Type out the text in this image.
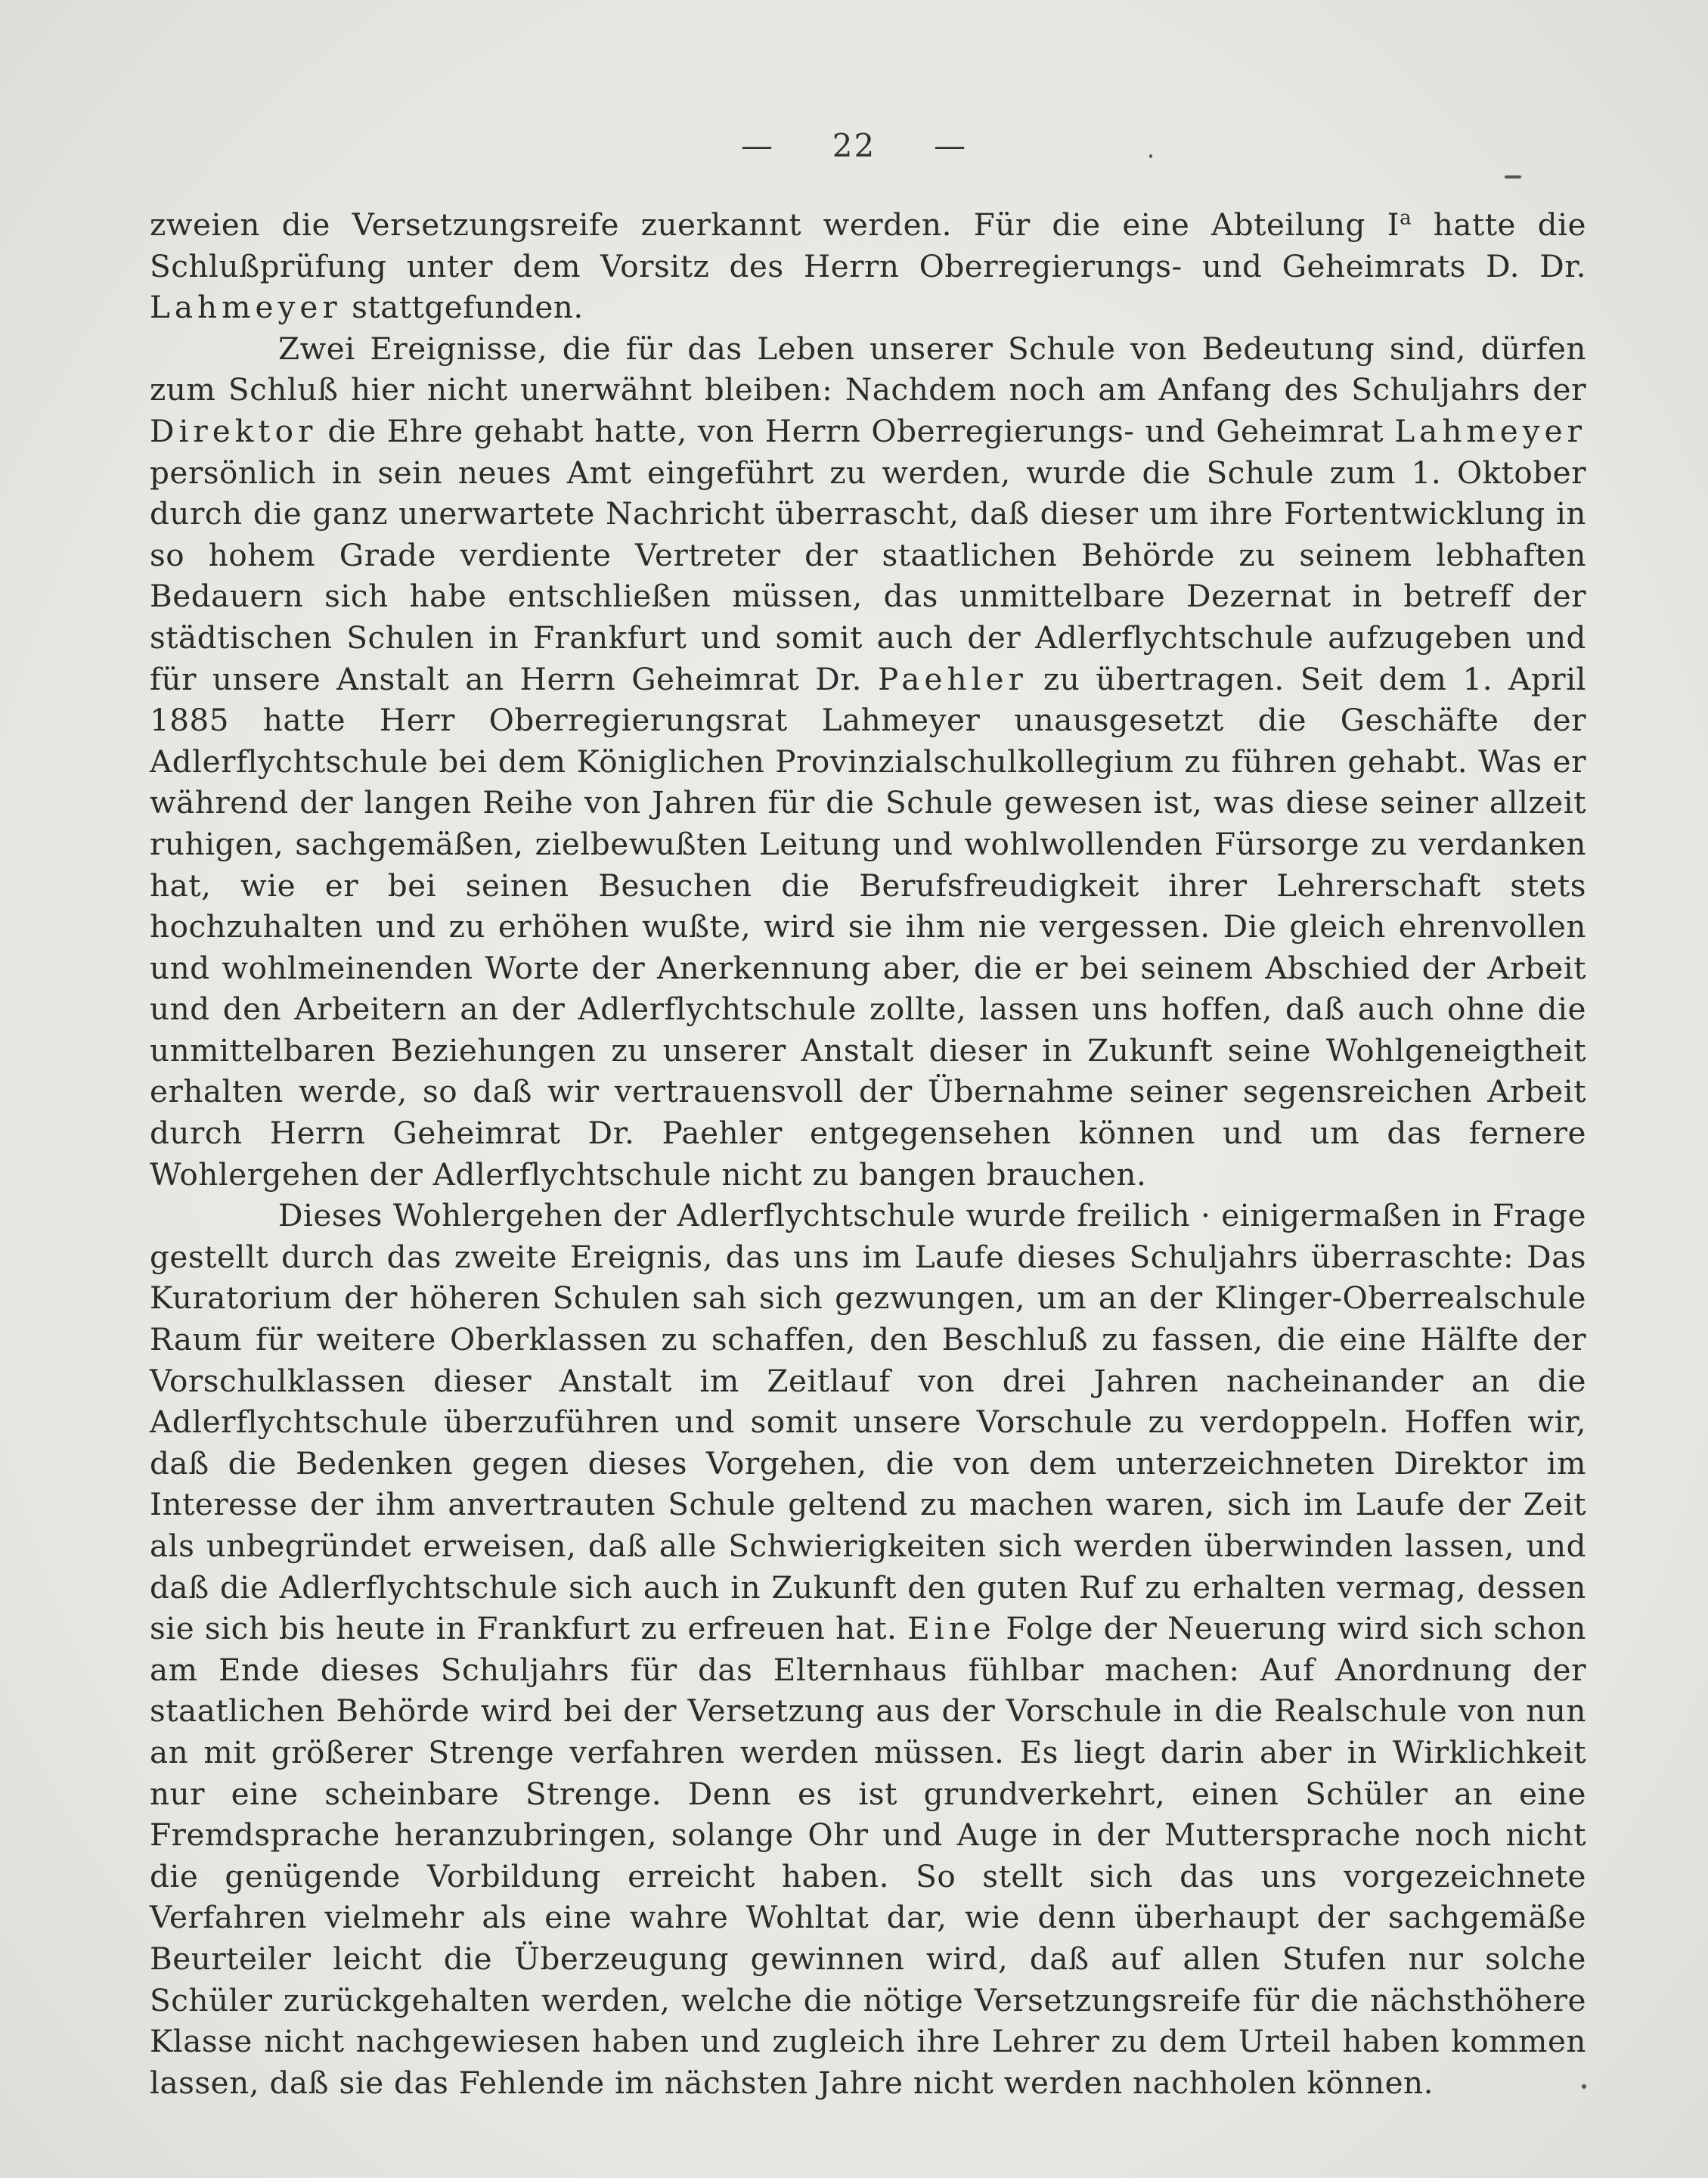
— 22 —

zweien die Versetzungsreife zuerkannt werden. Für die eine Abteilung $I^a$ hatte die Schlußprüfung unter dem Vorsitz des Herrn Oberregierungs- und Geheimrats D. Dr. Lahmeyer stattgefunden.

Zwei Ereignisse, die für das Leben unserer Schule von Bedeutung sind, dürfen zum Schluß hier nicht unerwähnt bleiben: Nachdem noch am Anfang des Schuljahrs der Direktor die Ehre gehabt hatte, von Herrn Oberregierungs- und Geheimrat Lahmeyer persönlich in sein neues Amt eingeführt zu werden, wurde die Schule zum 1. Oktober durch die ganz unerwartete Nachricht überrascht, daß dieser um ihre Fortentwicklung in so hohem Grade verdiente Vertreter der staatlichen Behörde zu seinem lebhaften Bedauern sich habe entschließen müssen, das unmittelbare Dezernat in betreff der städtischen Schulen in Frankfurt und somit auch der Adlerflychtschule aufzugeben und für unsere Anstalt an Herrn Geheimrat Dr. Paehler zu übertragen. Seit dem 1. April 1885 hatte Herr Oberregierungsrat Lahmeyer unausgesetzt die Geschäfte der Adlerflychtschule bei dem Königlichen Provinzialschulkollegium zu führen gehabt. Was er während der langen Reihe von Jahren für die Schule gewesen ist, was diese seiner allzeit ruhigen, sachgemäßen, zielbewußten Leitung und wohlwollenden Fürsorge zu verdanken hat, wie er bei seinen Besuchen die Berufsfreudigkeit ihrer Lehrerschaft stets hochzuhalten und zu erhöhen wußte, wird sie ihm nie vergessen. Die gleich ehrenvollen und wohlmeinenden Worte der Anerkennung aber, die er bei seinem Abschied der Arbeit und den Arbeitern an der Adlerflychtschule zollte, lassen uns hoffen, daß auch ohne die unmittelbaren Beziehungen zu unserer Anstalt dieser in Zukunft seine Wohlgeneigtheit erhalten werde, so daß wir vertrauensvoll der Übernahme seiner segensreichen Arbeit durch Herrn Geheimrat Dr. Paehler entgegensehen können und um das fernere Wohlergehen der Adlerflychtschule nicht zu bangen brauchen.

Dieses Wohlergehen der Adlerflychtschule wurde freilich · einigermaßen in Frage gestellt durch das zweite Ereignis, das uns im Laufe dieses Schuljahrs überraschte: Das Kuratorium der höheren Schulen sah sich gezwungen, um an der Klinger-Oberrealschule Raum für weitere Oberklassen zu schaffen, den Beschluß zu fassen, die eine Hälfte der Vorschulklassen dieser Anstalt im Zeitlauf von drei Jahren nacheinander an die Adlerflychtschule überzuführen und somit unsere Vorschule zu verdoppeln. Hoffen wir, daß die Bedenken gegen dieses Vorgehen, die von dem unterzeichneten Direktor im Interesse der ihm anvertrauten Schule geltend zu machen waren, sich im Laufe der Zeit als unbegründet erweisen, daß alle Schwierigkeiten sich werden überwinden lassen, und daß die Adlerflychtschule sich auch in Zukunft den guten Ruf zu erhalten vermag, dessen sie sich bis heute in Frankfurt zu erfreuen hat. Eine Folge der Neuerung wird sich schon am Ende dieses Schuljahrs für das Elternhaus fühlbar machen: Auf Anordnung der staatlichen Behörde wird bei der Versetzung aus der Vorschule in die Realschule von nun an mit größerer Strenge verfahren werden müssen. Es liegt darin aber in Wirklichkeit nur eine scheinbare Strenge. Denn es ist grundverkehrt, einen Schüler an eine Fremdsprache heranzubringen, solange Ohr und Auge in der Muttersprache noch nicht die genügende Vorbildung erreicht haben. So stellt sich das uns vorgezeichnete Verfahren vielmehr als eine wahre Wohltat dar, wie denn überhaupt der sachgemäße Beurteiler leicht die Überzeugung gewinnen wird, daß auf allen Stufen nur solche Schüler zurückgehalten werden, welche die nötige Versetzungsreife für die nächsthöhere Klasse nicht nachgewiesen haben und zugleich ihre Lehrer zu dem Urteil haben kommen lassen, daß sie das Fehlende im nächsten Jahre nicht werden nachholen können.
